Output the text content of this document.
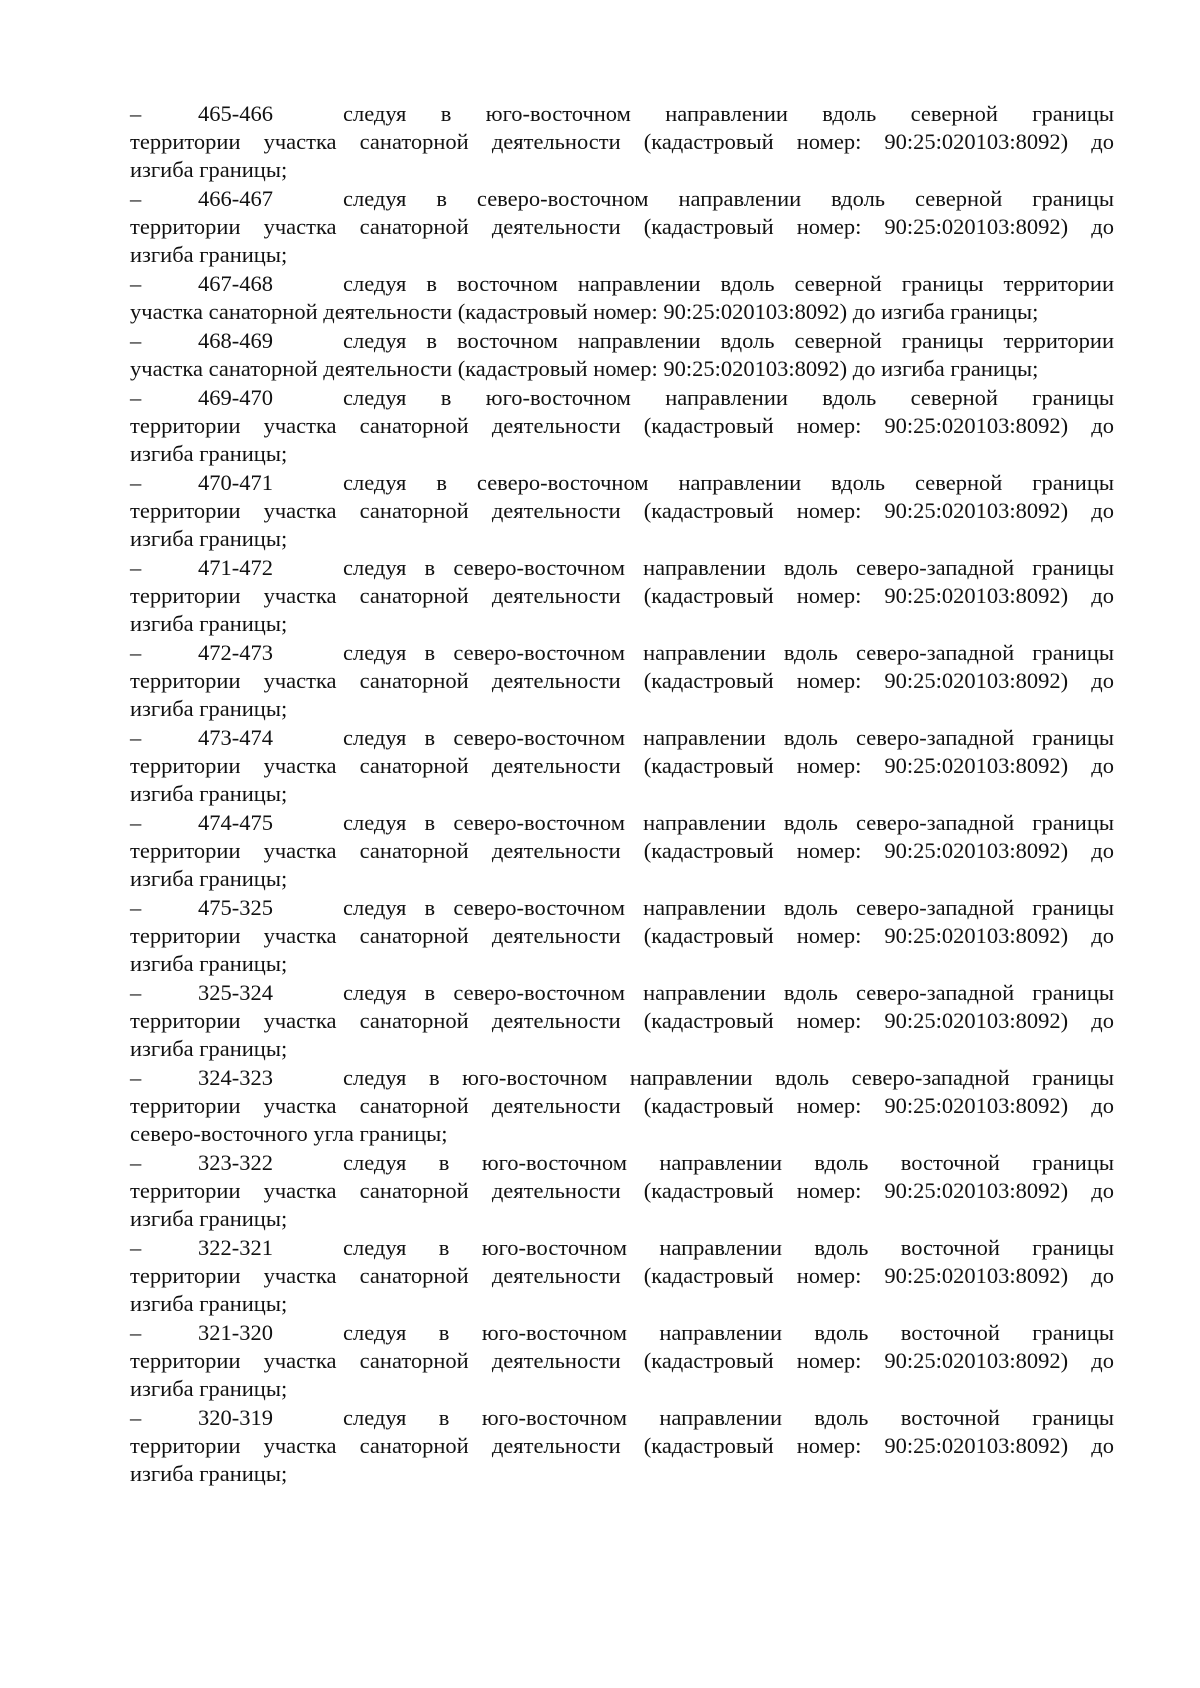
–	465-466	следуя в юго-восточном направлении вдоль северной границы
территории участка санаторной деятельности (кадастровый номер: 90:25:020103:8092) до
изгиба границы;
–	466-467	следуя в северо-восточном направлении вдоль северной границы
территории участка санаторной деятельности (кадастровый номер: 90:25:020103:8092) до
изгиба границы;
–	467-468	следуя в восточном направлении вдоль северной границы территории
участка санаторной деятельности (кадастровый номер: 90:25:020103:8092) до изгиба границы;
–	468-469	следуя в восточном направлении вдоль северной границы территории
участка санаторной деятельности (кадастровый номер: 90:25:020103:8092) до изгиба границы;
–	469-470	следуя в юго-восточном направлении вдоль северной границы
территории участка санаторной деятельности (кадастровый номер: 90:25:020103:8092) до
изгиба границы;
–	470-471	следуя в северо-восточном направлении вдоль северной границы
территории участка санаторной деятельности (кадастровый номер: 90:25:020103:8092) до
изгиба границы;
–	471-472	следуя в северо-восточном направлении вдоль северо-западной границы
территории участка санаторной деятельности (кадастровый номер: 90:25:020103:8092) до
изгиба границы;
–	472-473	следуя в северо-восточном направлении вдоль северо-западной границы
территории участка санаторной деятельности (кадастровый номер: 90:25:020103:8092) до
изгиба границы;
–	473-474	следуя в северо-восточном направлении вдоль северо-западной границы
территории участка санаторной деятельности (кадастровый номер: 90:25:020103:8092) до
изгиба границы;
–	474-475	следуя в северо-восточном направлении вдоль северо-западной границы
территории участка санаторной деятельности (кадастровый номер: 90:25:020103:8092) до
изгиба границы;
–	475-325	следуя в северо-восточном направлении вдоль северо-западной границы
территории участка санаторной деятельности (кадастровый номер: 90:25:020103:8092) до
изгиба границы;
–	325-324	следуя в северо-восточном направлении вдоль северо-западной границы
территории участка санаторной деятельности (кадастровый номер: 90:25:020103:8092) до
изгиба границы;
–	324-323	следуя в юго-восточном направлении вдоль северо-западной границы
территории участка санаторной деятельности (кадастровый номер: 90:25:020103:8092) до
северо-восточного угла границы;
–	323-322	следуя в юго-восточном направлении вдоль восточной границы
территории участка санаторной деятельности (кадастровый номер: 90:25:020103:8092) до
изгиба границы;
–	322-321	следуя в юго-восточном направлении вдоль восточной границы
территории участка санаторной деятельности (кадастровый номер: 90:25:020103:8092) до
изгиба границы;
–	321-320	следуя в юго-восточном направлении вдоль восточной границы
территории участка санаторной деятельности (кадастровый номер: 90:25:020103:8092) до
изгиба границы;
–	320-319	следуя в юго-восточном направлении вдоль восточной границы
территории участка санаторной деятельности (кадастровый номер: 90:25:020103:8092) до
изгиба границы;
